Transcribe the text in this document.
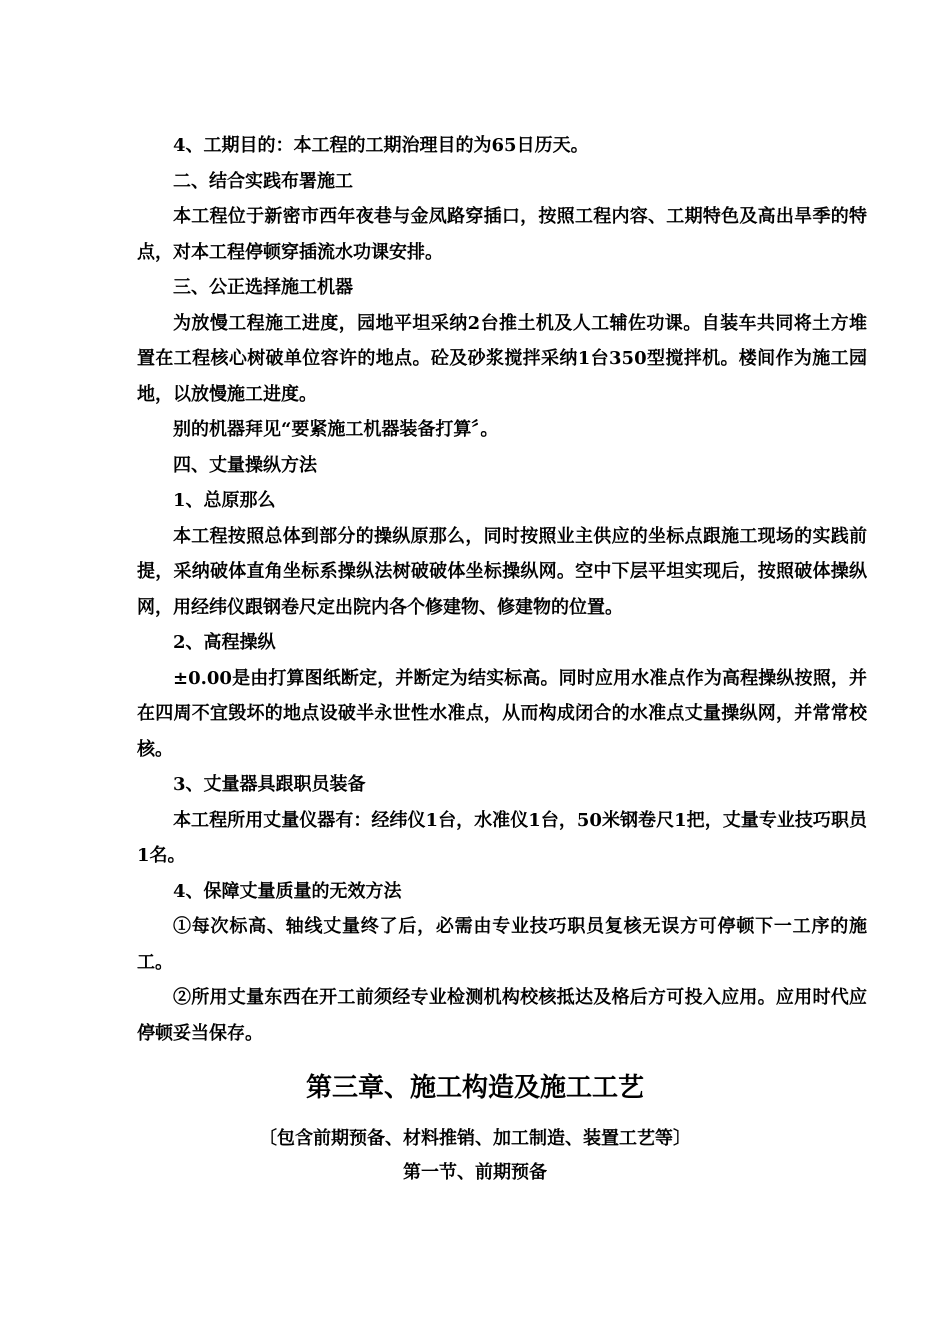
4、工期目的：本工程的工期治理目的为65日历天。

二、结合实践布署施工

本工程位于新密市西年夜巷与金凤路穿插口，按照工程内容、工期特色及高出旱季的特点，对本工程停顿穿插流水功课安排。

三、公正选择施工机器

为放慢工程施工进度，园地平坦采纳2台推土机及人工辅佐功课。自装车共同将土方堆置在工程核心树破单位容许的地点。砼及砂浆搅拌采纳1台350型搅拌机。楼间作为施工园地，以放慢施工进度。

别的机器拜见“要紧施工机器装备打算〞。

四、丈量操纵方法

1、总原那么

本工程按照总体到部分的操纵原那么，同时按照业主供应的坐标点跟施工现场的实践前提，采纳破体直角坐标系操纵法树破破体坐标操纵网。空中下层平坦实现后，按照破体操纵网，用经纬仪跟钢卷尺定出院内各个修建物、修建物的位置。

2、高程操纵

±0.00是由打算图纸断定，并断定为结实标高。同时应用水准点作为高程操纵按照，并在四周不宜毁坏的地点设破半永世性水准点，从而构成闭合的水准点丈量操纵网，并常常校核。

3、丈量器具跟职员装备

本工程所用丈量仪器有：经纬仪1台，水准仪1台，50米钢卷尺1把，丈量专业技巧职员1名。

4、保障丈量质量的无效方法

①每次标高、轴线丈量终了后，必需由专业技巧职员复核无误方可停顿下一工序的施工。

②所用丈量东西在开工前须经专业检测机构校核抵达及格后方可投入应用。应用时代应停顿妥当保存。

第三章、施工构造及施工工艺

〔包含前期预备、材料推销、加工制造、装置工艺等〕

第一节、前期预备
